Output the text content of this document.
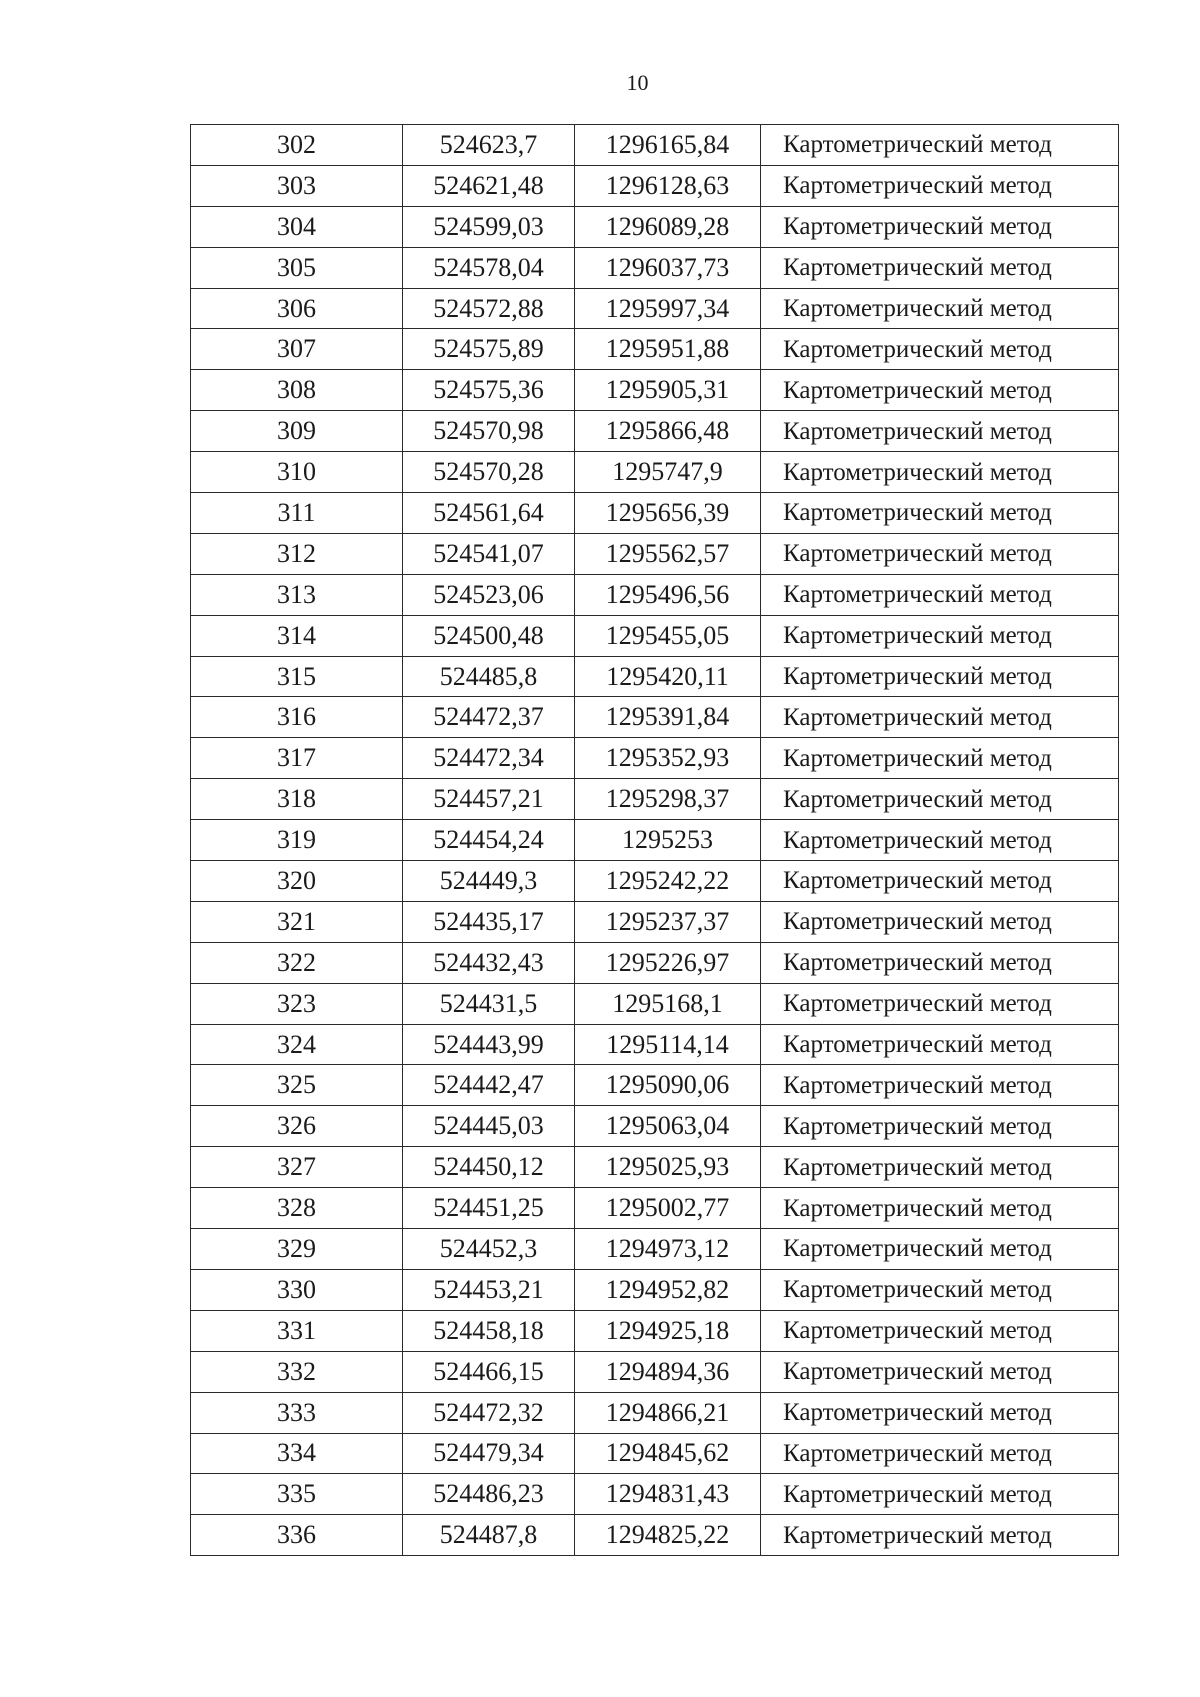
10
302	524623,7	1296165,84	Картометрический метод
303	524621,48	1296128,63	Картометрический метод
304	524599,03	1296089,28	Картометрический метод
305	524578,04	1296037,73	Картометрический метод
306	524572,88	1295997,34	Картометрический метод
307	524575,89	1295951,88	Картометрический метод
308	524575,36	1295905,31	Картометрический метод
309	524570,98	1295866,48	Картометрический метод
310	524570,28	1295747,9	Картометрический метод
311	524561,64	1295656,39	Картометрический метод
312	524541,07	1295562,57	Картометрический метод
313	524523,06	1295496,56	Картометрический метод
314	524500,48	1295455,05	Картометрический метод
315	524485,8	1295420,11	Картометрический метод
316	524472,37	1295391,84	Картометрический метод
317	524472,34	1295352,93	Картометрический метод
318	524457,21	1295298,37	Картометрический метод
319	524454,24	1295253	Картометрический метод
320	524449,3	1295242,22	Картометрический метод
321	524435,17	1295237,37	Картометрический метод
322	524432,43	1295226,97	Картометрический метод
323	524431,5	1295168,1	Картометрический метод
324	524443,99	1295114,14	Картометрический метод
325	524442,47	1295090,06	Картометрический метод
326	524445,03	1295063,04	Картометрический метод
327	524450,12	1295025,93	Картометрический метод
328	524451,25	1295002,77	Картометрический метод
329	524452,3	1294973,12	Картометрический метод
330	524453,21	1294952,82	Картометрический метод
331	524458,18	1294925,18	Картометрический метод
332	524466,15	1294894,36	Картометрический метод
333	524472,32	1294866,21	Картометрический метод
334	524479,34	1294845,62	Картометрический метод
335	524486,23	1294831,43	Картометрический метод
336	524487,8	1294825,22	Картометрический метод
